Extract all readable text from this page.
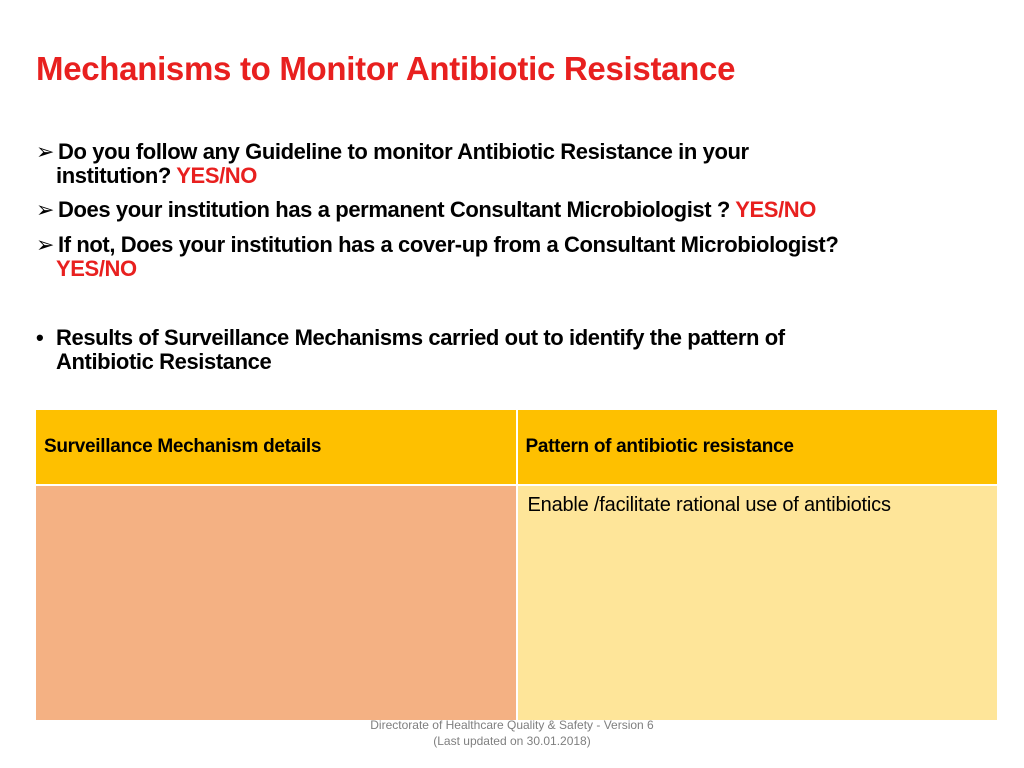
Mechanisms to Monitor Antibiotic Resistance
➢ Do you follow any Guideline to monitor Antibiotic Resistance in your
institution? YES/NO
➢ Does your institution has a permanent Consultant Microbiologist ? YES/NO
➢ If not, Does your institution has a cover-up from a Consultant Microbiologist?
YES/NO
• Results of Surveillance Mechanisms carried out to identify the pattern of
Antibiotic Resistance
Surveillance Mechanism details	Pattern of antibiotic resistance
	Enable /facilitate rational use of antibiotics
Directorate of Healthcare Quality & Safety - Version 6
(Last updated on 30.01.2018)
